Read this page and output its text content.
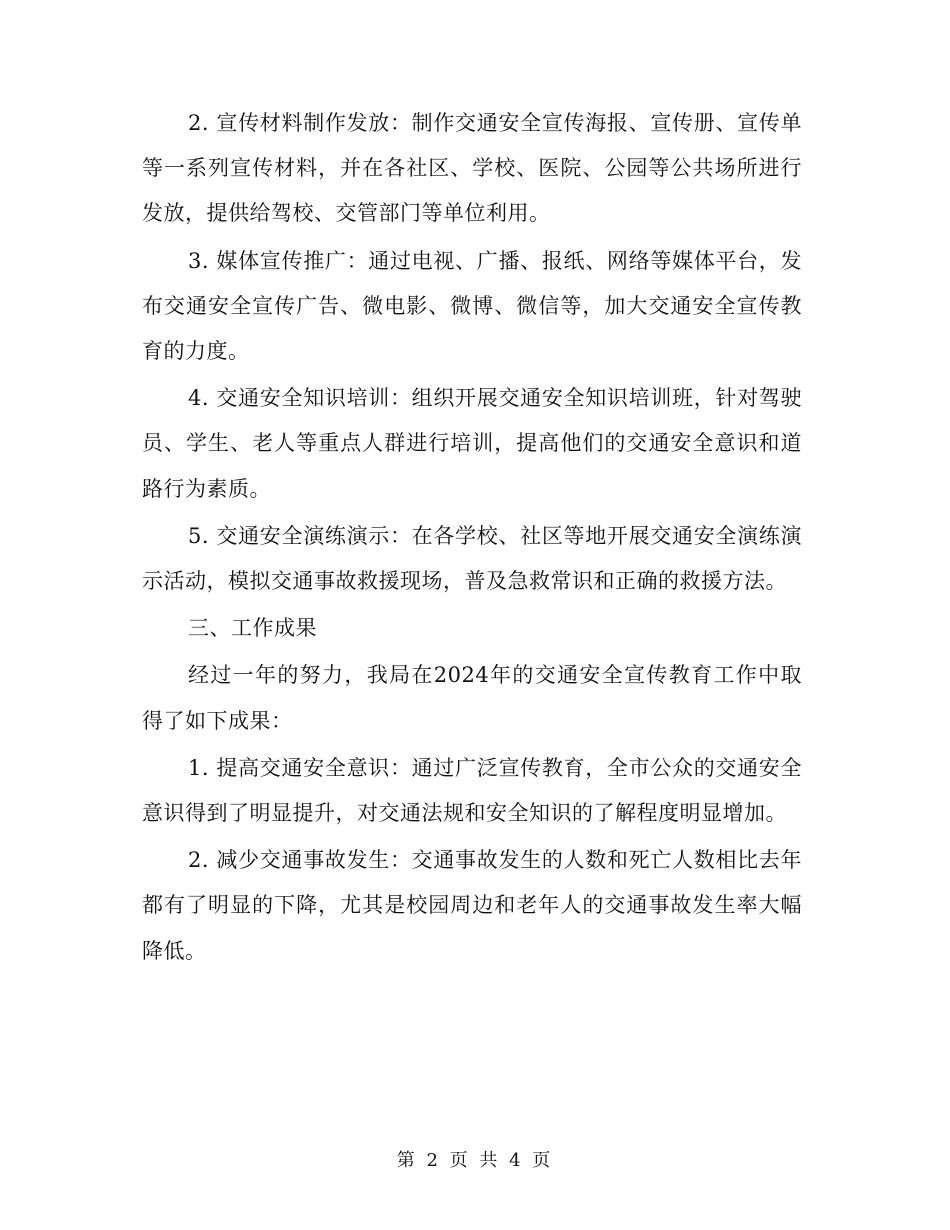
2. 宣传材料制作发放：制作交通安全宣传海报、宣传册、宣传单等一系列宣传材料，并在各社区、学校、医院、公园等公共场所进行发放，提供给驾校、交管部门等单位利用。

3. 媒体宣传推广：通过电视、广播、报纸、网络等媒体平台，发布交通安全宣传广告、微电影、微博、微信等，加大交通安全宣传教育的力度。

4. 交通安全知识培训：组织开展交通安全知识培训班，针对驾驶员、学生、老人等重点人群进行培训，提高他们的交通安全意识和道路行为素质。

5. 交通安全演练演示：在各学校、社区等地开展交通安全演练演示活动，模拟交通事故救援现场，普及急救常识和正确的救援方法。

三、工作成果

经过一年的努力，我局在2024年的交通安全宣传教育工作中取得了如下成果：

1. 提高交通安全意识：通过广泛宣传教育，全市公众的交通安全意识得到了明显提升，对交通法规和安全知识的了解程度明显增加。

2. 减少交通事故发生：交通事故发生的人数和死亡人数相比去年都有了明显的下降，尤其是校园周边和老年人的交通事故发生率大幅降低。

第 2 页 共 4 页
